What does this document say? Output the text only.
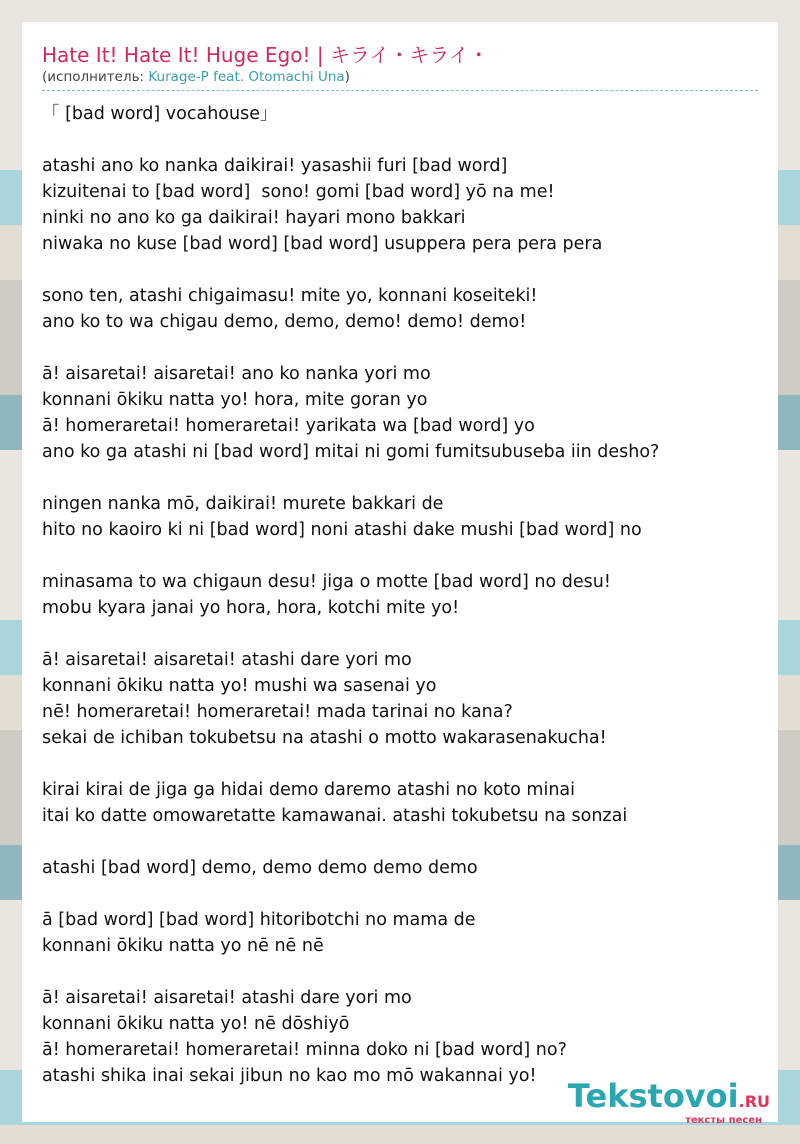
Hate It! Hate It! Huge Ego! | キライ・キライ・
(исполнитель: Kurage-P feat. Otomachi Una)
「 [bad word] vocahouse」
atashi ano ko nanka daikirai! yasashii furi [bad word]
kizuitenai to [bad word]  sono! gomi [bad word] yō na me!
ninki no ano ko ga daikirai! hayari mono bakkari
niwaka no kuse [bad word] [bad word] usuppera pera pera pera
sono ten, atashi chigaimasu! mite yo, konnani koseiteki!
ano ko to wa chigau demo, demo, demo! demo! demo!
ā! aisaretai! aisaretai! ano ko nanka yori mo
konnani ōkiku natta yo! hora, mite goran yo
ā! homeraretai! homeraretai! yarikata wa [bad word] yo
ano ko ga atashi ni [bad word] mitai ni gomi fumitsubuseba iin desho?
ningen nanka mō, daikirai! murete bakkari de
hito no kaoiro ki ni [bad word] noni atashi dake mushi [bad word] no
minasama to wa chigaun desu! jiga o motte [bad word] no desu!
mobu kyara janai yo hora, hora, kotchi mite yo!
ā! aisaretai! aisaretai! atashi dare yori mo
konnani ōkiku natta yo! mushi wa sasenai yo
nē! homeraretai! homeraretai! mada tarinai no kana?
sekai de ichiban tokubetsu na atashi o motto wakarasenakucha!
kirai kirai de jiga ga hidai demo daremo atashi no koto minai
itai ko datte omowaretatte kamawanai. atashi tokubetsu na sonzai
atashi [bad word] demo, demo demo demo demo
ā [bad word] [bad word] hitoribotchi no mama de
konnani ōkiku natta yo nē nē nē
ā! aisaretai! aisaretai! atashi dare yori mo
konnani ōkiku natta yo! nē dōshiyō
ā! homeraretai! homeraretai! minna doko ni [bad word] no?
atashi shika inai sekai jibun no kao mo mō wakannai yo!
Tekstovoi.RU
тексты песен
